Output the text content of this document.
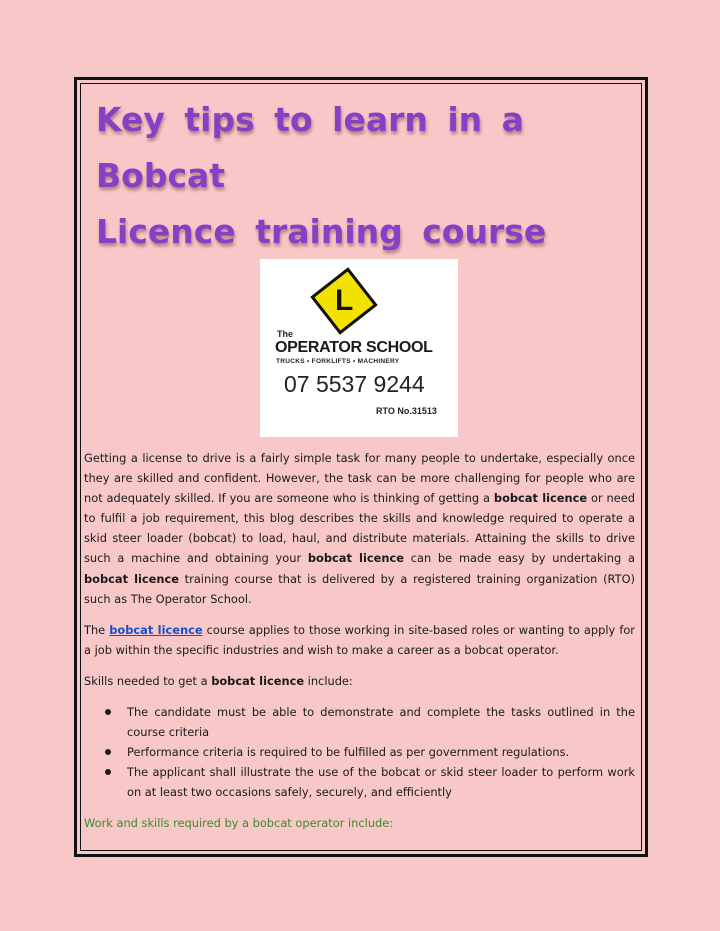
Key tips to learn in a Bobcat
Licence training course
L
The
OPERATOR SCHOOL
TRUCKS • FORKLIFTS • MACHINERY
07 5537 9244
RTO No.31513

Getting a license to drive is a fairly simple task for many people to undertake, especially once they are skilled and confident. However, the task can be more challenging for people who are not adequately skilled. If you are someone who is thinking of getting a bobcat licence or need to fulfil a job requirement, this blog describes the skills and knowledge required to operate a skid steer loader (bobcat) to load, haul, and distribute materials. Attaining the skills to drive such a machine and obtaining your bobcat licence can be made easy by undertaking a bobcat licence training course that is delivered by a registered training organization (RTO) such as The Operator School.

The bobcat licence course applies to those working in site-based roles or wanting to apply for a job within the specific industries and wish to make a career as a bobcat operator.

Skills needed to get a bobcat licence include:

The candidate must be able to demonstrate and complete the tasks outlined in the course criteria
Performance criteria is required to be fulfilled as per government regulations.
The applicant shall illustrate the use of the bobcat or skid steer loader to perform work on at least two occasions safely, securely, and efficiently

Work and skills required by a bobcat operator include:
